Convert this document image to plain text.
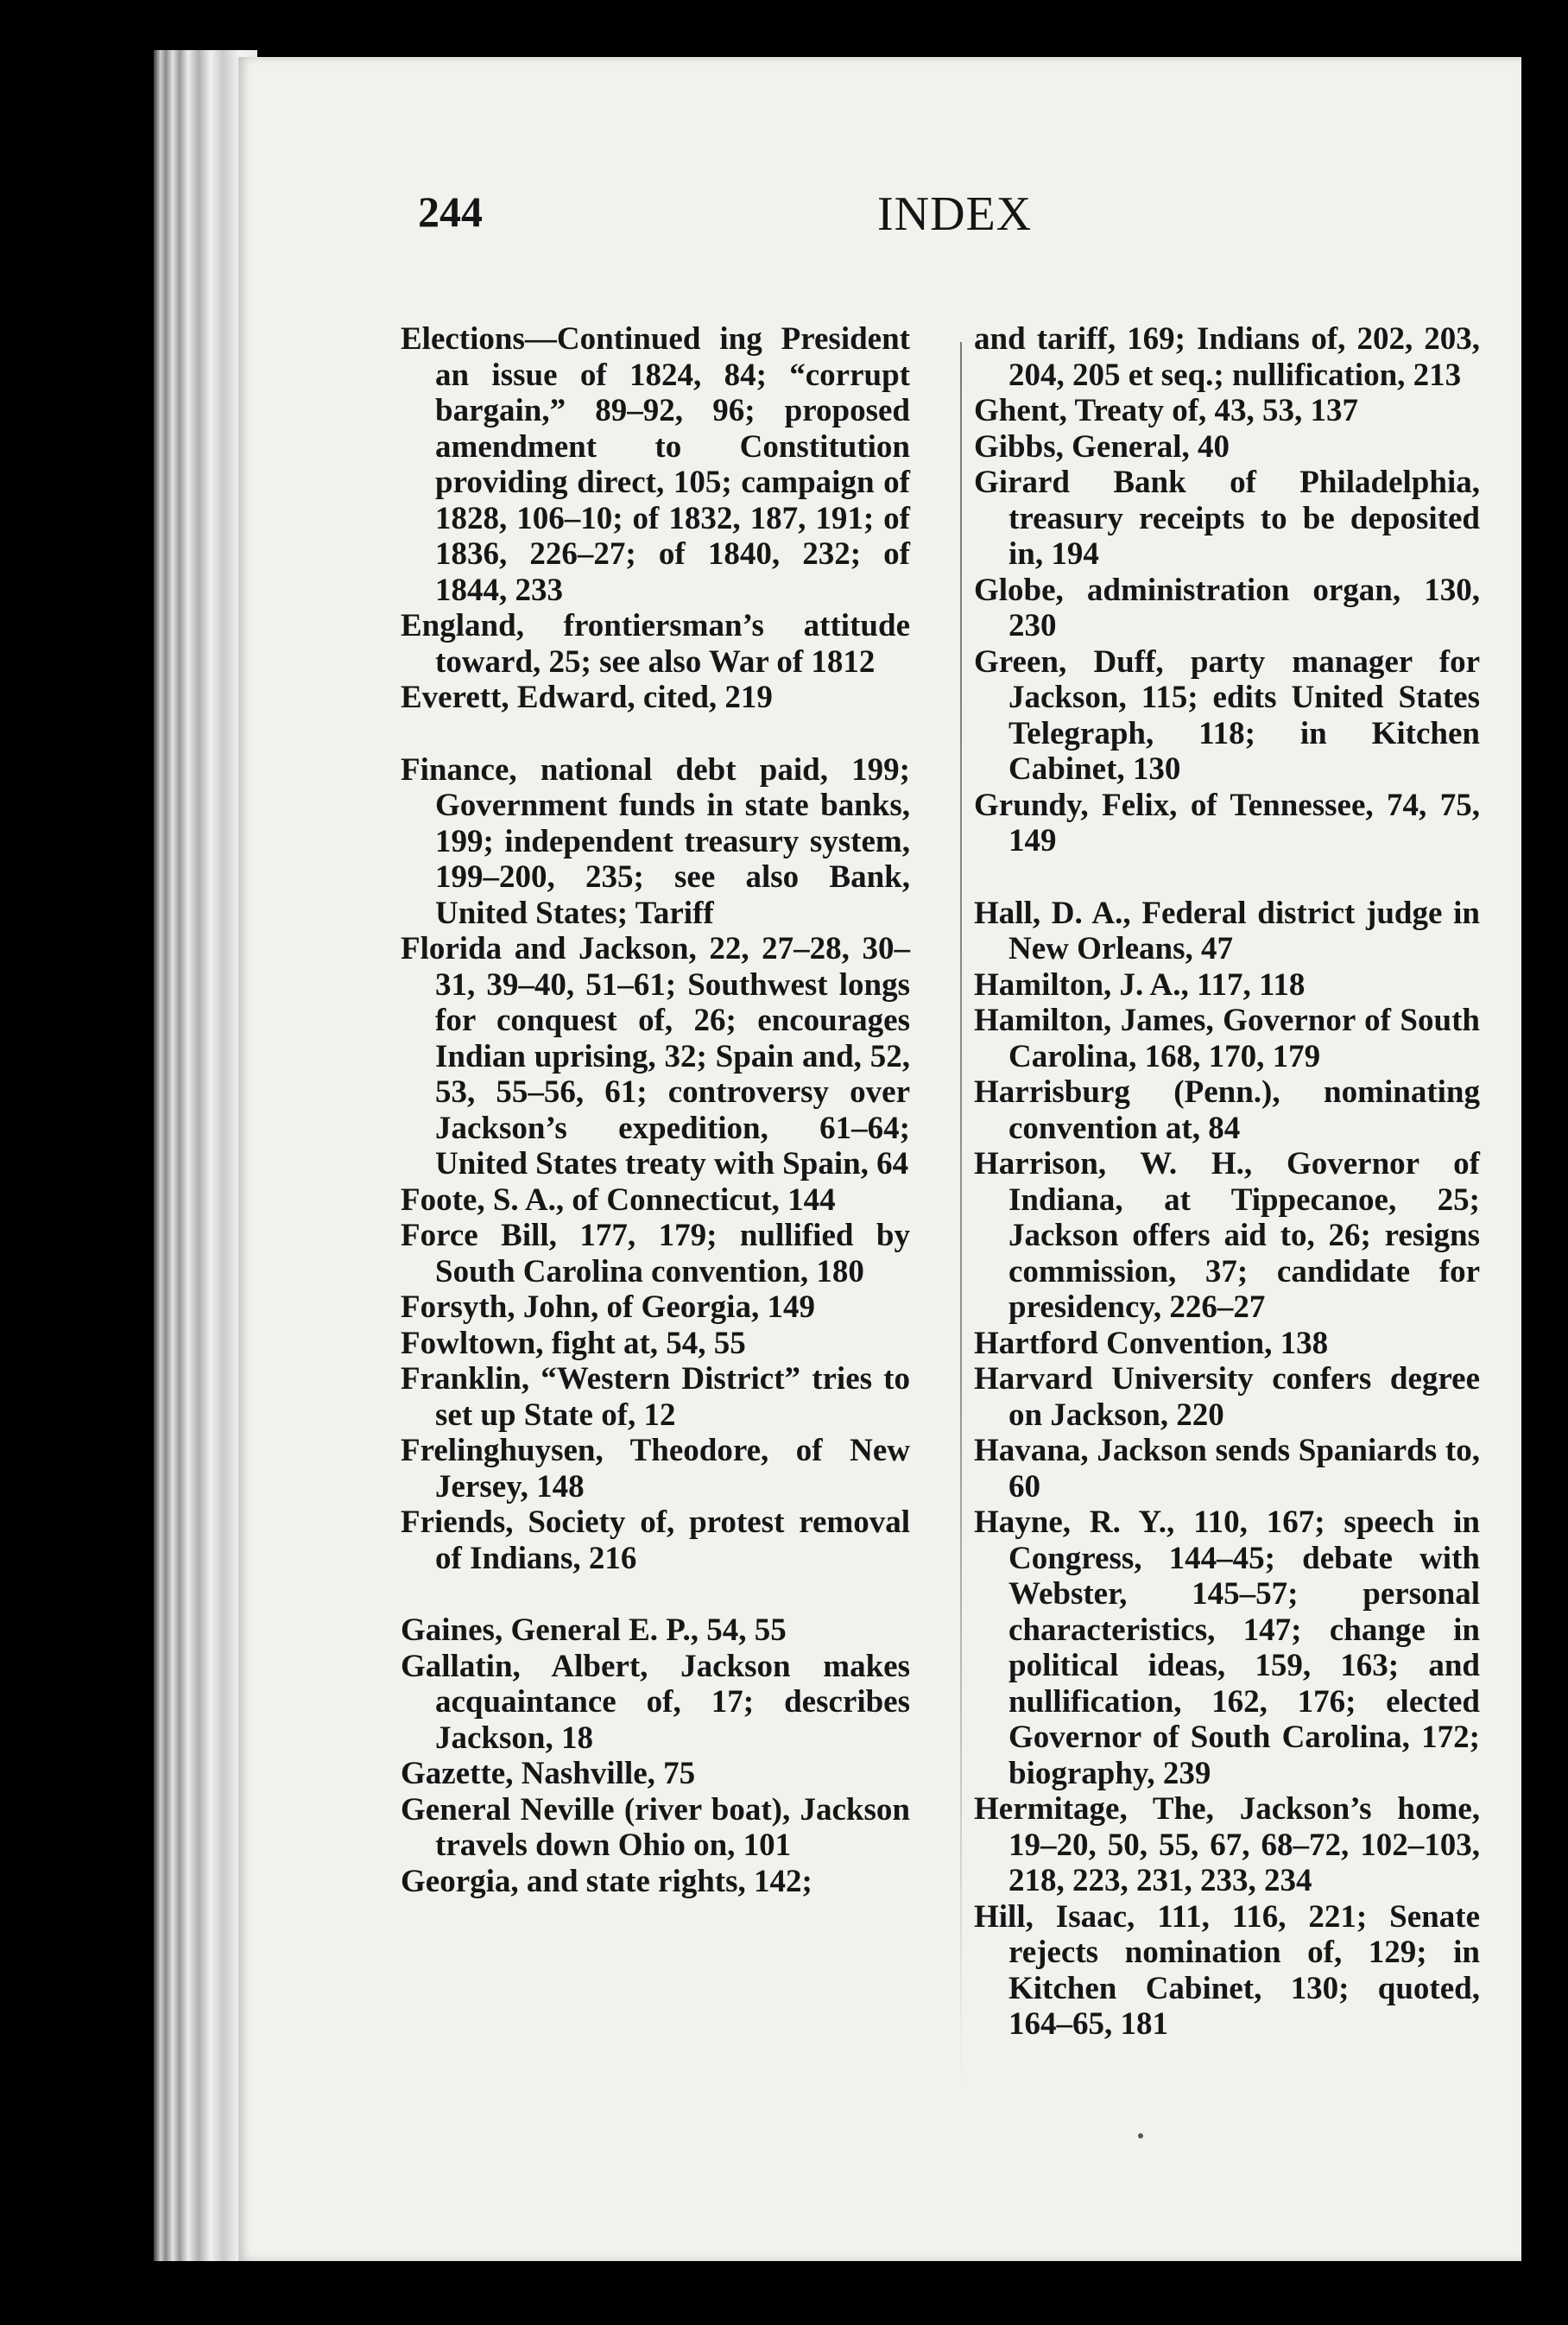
244	INDEX
Elections—Continued ing President an issue of 1824, 84; “corrupt bargain,” 89–92, 96; proposed amendment to Constitution providing direct, 105; campaign of 1828, 106–10; of 1832, 187, 191; of 1836, 226–27; of 1840, 232; of 1844, 233
England, frontiersman’s attitude toward, 25; see also War of 1812
Everett, Edward, cited, 219
Finance, national debt paid, 199; Government funds in state banks, 199; independent treasury system, 199–200, 235; see also Bank, United States; Tariff
Florida and Jackson, 22, 27–28, 30–31, 39–40, 51–61; Southwest longs for conquest of, 26; encourages Indian uprising, 32; Spain and, 52, 53, 55–56, 61; controversy over Jackson’s expedition, 61–64; United States treaty with Spain, 64
Foote, S. A., of Connecticut, 144
Force Bill, 177, 179; nullified by South Carolina convention, 180
Forsyth, John, of Georgia, 149
Fowltown, fight at, 54, 55
Franklin, “Western District” tries to set up State of, 12
Frelinghuysen, Theodore, of New Jersey, 148
Friends, Society of, protest removal of Indians, 216
Gaines, General E. P., 54, 55
Gallatin, Albert, Jackson makes acquaintance of, 17; describes Jackson, 18
Gazette, Nashville, 75
General Neville (river boat), Jackson travels down Ohio on, 101
Georgia, and state rights, 142;
and tariff, 169; Indians of, 202, 203, 204, 205 et seq.; nullification, 213
Ghent, Treaty of, 43, 53, 137
Gibbs, General, 40
Girard Bank of Philadelphia, treasury receipts to be deposited in, 194
Globe, administration organ, 130, 230
Green, Duff, party manager for Jackson, 115; edits United States Telegraph, 118; in Kitchen Cabinet, 130
Grundy, Felix, of Tennessee, 74, 75, 149
Hall, D. A., Federal district judge in New Orleans, 47
Hamilton, J. A., 117, 118
Hamilton, James, Governor of South Carolina, 168, 170, 179
Harrisburg (Penn.), nominating convention at, 84
Harrison, W. H., Governor of Indiana, at Tippecanoe, 25; Jackson offers aid to, 26; resigns commission, 37; candidate for presidency, 226–27
Hartford Convention, 138
Harvard University confers degree on Jackson, 220
Havana, Jackson sends Spaniards to, 60
Hayne, R. Y., 110, 167; speech in Congress, 144–45; debate with Webster, 145–57; personal characteristics, 147; change in political ideas, 159, 163; and nullification, 162, 176; elected Governor of South Carolina, 172; biography, 239
Hermitage, The, Jackson’s home, 19–20, 50, 55, 67, 68–72, 102–103, 218, 223, 231, 233, 234
Hill, Isaac, 111, 116, 221; Senate rejects nomination of, 129; in Kitchen Cabinet, 130; quoted, 164–65, 181
